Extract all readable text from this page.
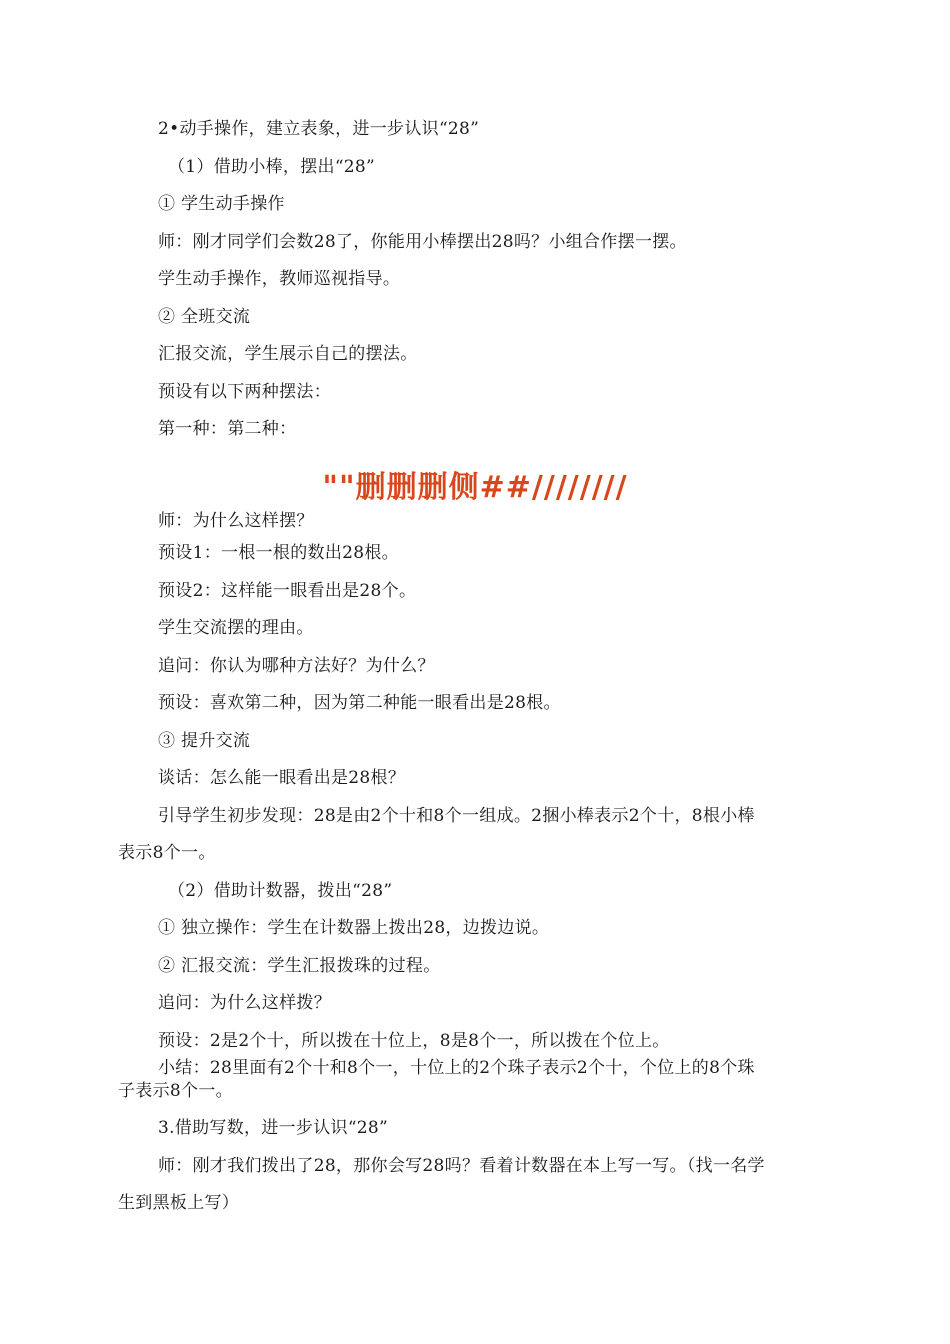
2•动手操作，建立表象，进一步认识“28”
（1）借助小棒，摆出“28”
① 学生动手操作
师：刚才同学们会数28了，你能用小棒摆出28吗？小组合作摆一摆。
学生动手操作，教师巡视指导。
② 全班交流
汇报交流，学生展示自己的摆法。
预设有以下两种摆法：
第一种：第二种：
""删删删侧##////////
师：为什么这样摆？
预设1：一根一根的数出28根。
预设2：这样能一眼看出是28个。
学生交流摆的理由。
追问：你认为哪种方法好？为什么？
预设：喜欢第二种，因为第二种能一眼看出是28根。
③ 提升交流
谈话：怎么能一眼看出是28根？
引导学生初步发现：28是由2个十和8个一组成。2捆小棒表示2个十，8根小棒
表示8个一。
（2）借助计数器，拨出“28”
① 独立操作：学生在计数器上拨出28，边拨边说。
② 汇报交流：学生汇报拨珠的过程。
追问：为什么这样拨？
预设：2是2个十，所以拨在十位上，8是8个一，所以拨在个位上。
小结：28里面有2个十和8个一，十位上的2个珠子表示2个十，个位上的8个珠
子表示8个一。
3.借助写数，进一步认识“28”
师：刚才我们拨出了28，那你会写28吗？看着计数器在本上写一写。（找一名学
生到黑板上写）
